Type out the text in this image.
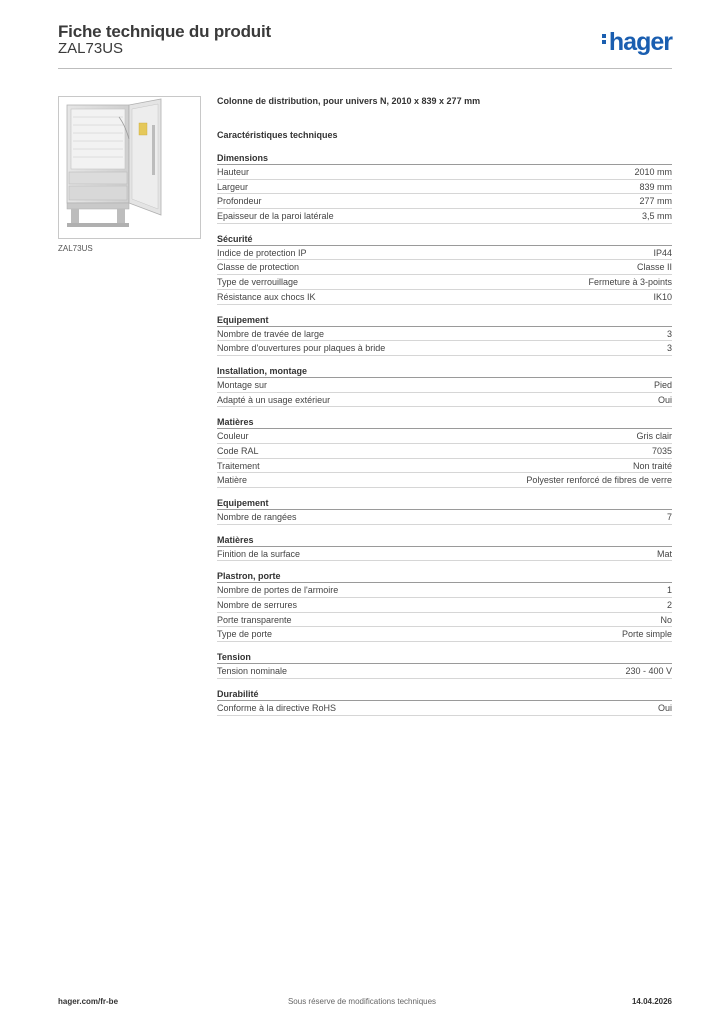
Fiche technique du produit
ZAL73US	hager
ZAL73US
Colonne de distribution, pour univers N, 2010 x 839 x 277 mm
Caractéristiques techniques
Dimensions
Hauteur	2010 mm
Largeur	839 mm
Profondeur	277 mm
Epaisseur de la paroi latérale	3,5 mm
Sécurité
Indice de protection IP	IP44
Classe de protection	Classe II
Type de verrouillage	Fermeture à 3-points
Résistance aux chocs IK	IK10
Equipement
Nombre de travée de large	3
Nombre d'ouvertures pour plaques à bride	3
Installation, montage
Montage sur	Pied
Adapté à un usage extérieur	Oui
Matières
Couleur	Gris clair
Code RAL	7035
Traitement	Non traité
Matière	Polyester renforcé de fibres de verre
Equipement
Nombre de rangées	7
Matières
Finition de la surface	Mat
Plastron, porte
Nombre de portes de l'armoire	1
Nombre de serrures	2
Porte transparente	No
Type de porte	Porte simple
Tension
Tension nominale	230 - 400 V
Durabilité
Conforme à la directive RoHS	Oui
hager.com/fr-be	Sous réserve de modifications techniques	14.04.2026
